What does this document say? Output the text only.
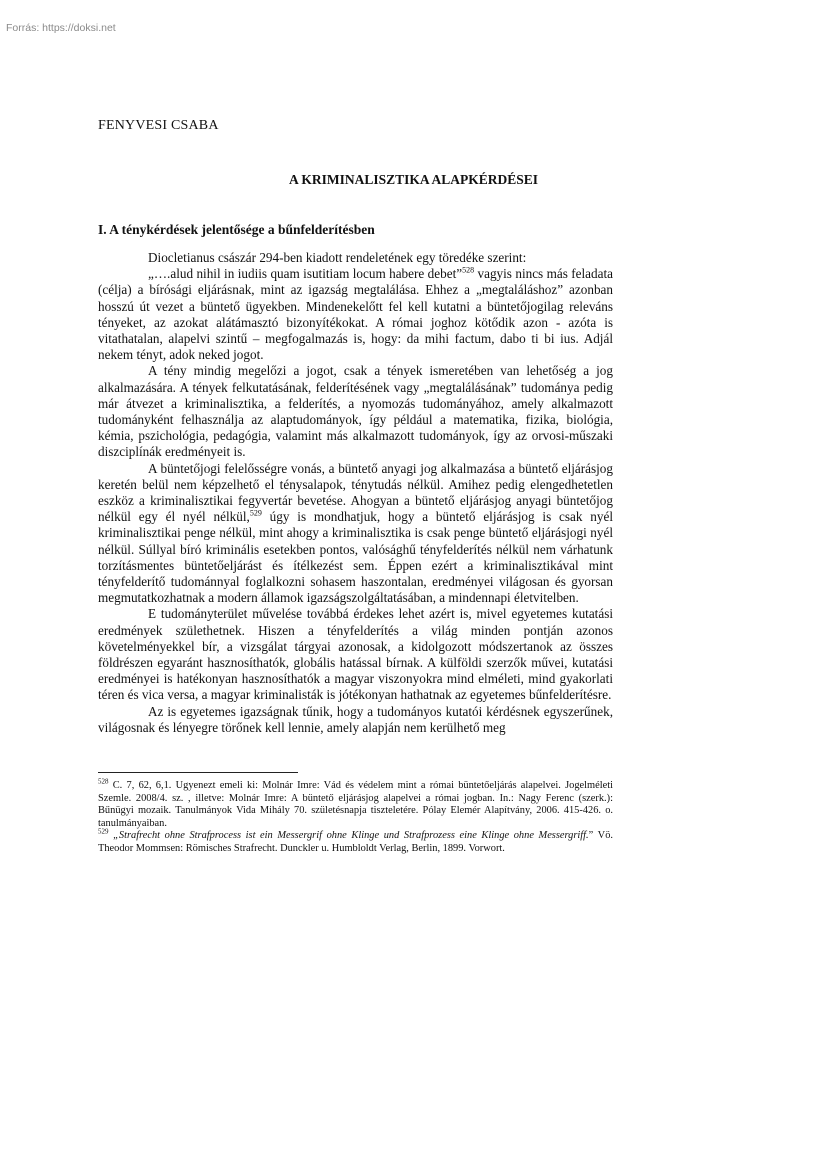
Forrás: https://doksi.net
FENYVESI CSABA
A KRIMINALISZTIKA ALAPKÉRDÉSEI
I. A ténykérdések jelentősége a bűnfelderítésben

Diocletianus császár 294-ben kiadott rendeletének egy töredéke szerint:

„….alud nihil in iudiis quam isutitiam locum habere debet”$^{528}$ vagyis nincs más feladata (célja) a bírósági eljárásnak, mint az igazság megtalálása. Ehhez a „megtaláláshoz” azonban hosszú út vezet a büntető ügyekben. Mindenekelőtt fel kell kutatni a büntetőjogilag releváns tényeket, az azokat alátámasztó bizonyítékokat. A római joghoz kötődik azon - azóta is vitathatalan, alapelvi szintű – megfogalmazás is, hogy: da mihi factum, dabo ti bi ius. Adjál nekem tényt, adok neked jogot.

A tény mindig megelőzi a jogot, csak a tények ismeretében van lehetőség a jog alkalmazására. A tények felkutatásának, felderítésének vagy „megtalálásának” tudománya pedig már átvezet a kriminalisztika, a felderítés, a nyomozás tudományához, amely alkalmazott tudományként felhasználja az alaptudományok, így például a matematika, fizika, biológia, kémia, pszichológia, pedagógia, valamint más alkalmazott tudományok, így az orvosi-műszaki diszciplínák eredményeit is.

A büntetőjogi felelősségre vonás, a büntető anyagi jog alkalmazása a büntető eljárásjog keretén belül nem képzelhető el ténysalapok, ténytudás nélkül. Amihez pedig elengedhetetlen eszköz a kriminalisztikai fegyvertár bevetése. Ahogyan a büntető eljárásjog anyagi büntetőjog nélkül egy él nyél nélkül,$^{529}$ úgy is mondhatjuk, hogy a büntető eljárásjog is csak nyél kriminalisztikai penge nélkül, mint ahogy a kriminalisztika is csak penge büntető eljárásjogi nyél nélkül. Súllyal bíró kriminális esetekben pontos, valósághű tényfelderítés nélkül nem várhatunk torzításmentes büntetőeljárást és ítélkezést sem. Éppen ezért a kriminalisztikával mint tényfelderítő tudománnyal foglalkozni sohasem haszontalan, eredményei világosan és gyorsan megmutatkozhatnak a modern államok igazságszolgáltatásában, a mindennapi életvitelben.

E tudományterület művelése továbbá érdekes lehet azért is, mivel egyetemes kutatási eredmények születhetnek. Hiszen a tényfelderítés a világ minden pontján azonos követelményekkel bír, a vizsgálat tárgyai azonosak, a kidolgozott módszertanok az összes földrészen egyaránt hasznosíthatók, globális hatással bírnak. A külföldi szerzők művei, kutatási eredményei is hatékonyan hasznosíthatók a magyar viszonyokra mind elméleti, mind gyakorlati téren és vica versa, a magyar kriminalisták is jótékonyan hathatnak az egyetemes bűnfelderítésre.

Az is egyetemes igazságnak tűnik, hogy a tudományos kutatói kérdésnek egyszerűnek, világosnak és lényegre törőnek kell lennie, amely alapján nem kerülhető meg

$^{528}$ C. 7, 62, 6,1. Ugyenezt emeli ki: Molnár Imre: Vád és védelem mint a római büntetőeljárás alapelvei. Jogelméleti Szemle. 2008/4. sz. , illetve: Molnár Imre: A büntető eljárásjog alapelvei a római jogban. In.: Nagy Ferenc (szerk.): Bűnügyi mozaik. Tanulmányok Vida Mihály 70. születésnapja tiszteletére. Pólay Elemér Alapítvány, 2006. 415-426. o. tanulmányaiban.

$^{529}$ „Strafrecht ohne Strafprocess ist ein Messergrif ohne Klinge und Strafprozess eine Klinge ohne Messergriff.” Vö. Theodor Mommsen: Römisches Strafrecht. Dunckler u. Humbloldt Verlag, Berlin, 1899. Vorwort.
